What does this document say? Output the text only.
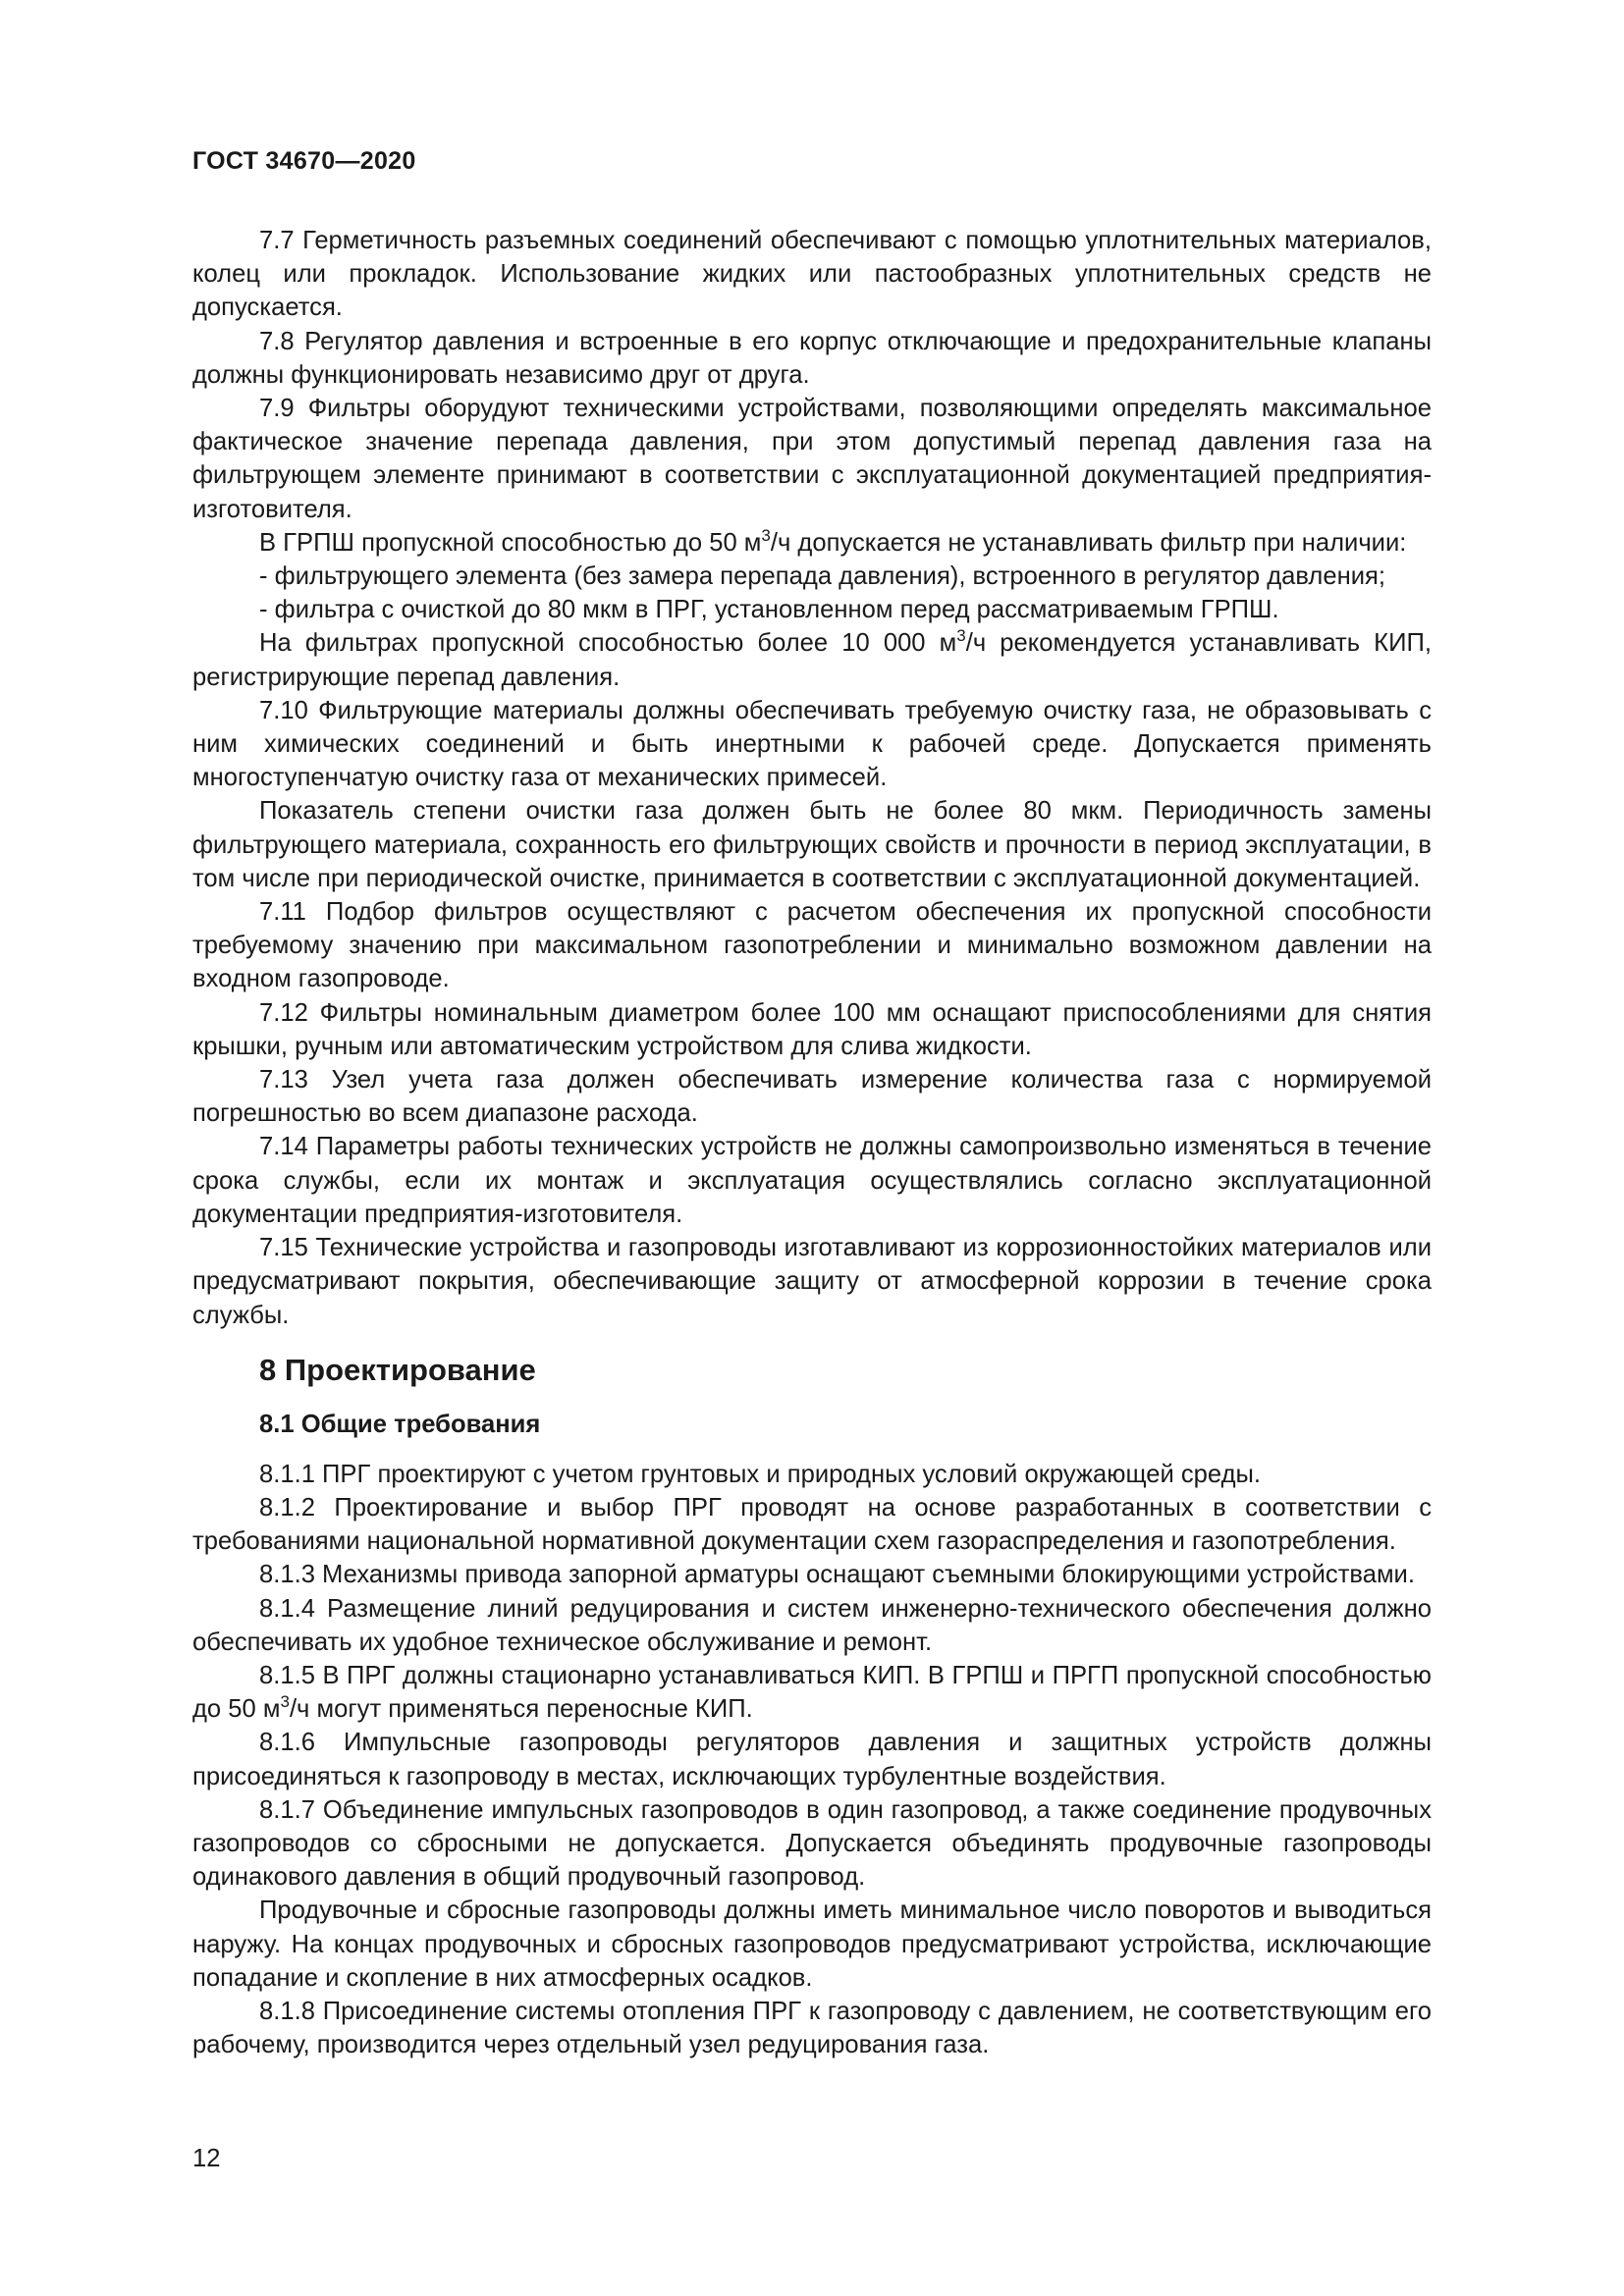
ГОСТ 34670—2020

7.7 Герметичность разъемных соединений обеспечивают с помощью уплотнительных материалов, колец или прокладок. Использование жидких или пастообразных уплотнительных средств не допускается.

7.8 Регулятор давления и встроенные в его корпус отключающие и предохранительные клапаны должны функционировать независимо друг от друга.

7.9 Фильтры оборудуют техническими устройствами, позволяющими определять максимальное фактическое значение перепада давления, при этом допустимый перепад давления газа на фильтрующем элементе принимают в соответствии с эксплуатационной документацией предприятия-изготовителя.

В ГРПШ пропускной способностью до 50 $м^3/ч$ допускается не устанавливать фильтр при наличии:

- фильтрующего элемента (без замера перепада давления), встроенного в регулятор давления;

- фильтра с очисткой до 80 мкм в ПРГ, установленном перед рассматриваемым ГРПШ.

На фильтрах пропускной способностью более 10 000 $м^3/ч$ рекомендуется устанавливать КИП, регистрирующие перепад давления.

7.10 Фильтрующие материалы должны обеспечивать требуемую очистку газа, не образовывать с ним химических соединений и быть инертными к рабочей среде. Допускается применять многоступенчатую очистку газа от механических примесей.

Показатель степени очистки газа должен быть не более 80 мкм. Периодичность замены фильтрующего материала, сохранность его фильтрующих свойств и прочности в период эксплуатации, в том числе при периодической очистке, принимается в соответствии с эксплуатационной документацией.

7.11 Подбор фильтров осуществляют с расчетом обеспечения их пропускной способности требуемому значению при максимальном газопотреблении и минимально возможном давлении на входном газопроводе.

7.12 Фильтры номинальным диаметром более 100 мм оснащают приспособлениями для снятия крышки, ручным или автоматическим устройством для слива жидкости.

7.13 Узел учета газа должен обеспечивать измерение количества газа с нормируемой погрешностью во всем диапазоне расхода.

7.14 Параметры работы технических устройств не должны самопроизвольно изменяться в течение срока службы, если их монтаж и эксплуатация осуществлялись согласно эксплуатационной документации предприятия-изготовителя.

7.15 Технические устройства и газопроводы изготавливают из коррозионностойких материалов или предусматривают покрытия, обеспечивающие защиту от атмосферной коррозии в течение срока службы.

8 Проектирование
8.1 Общие требования

8.1.1 ПРГ проектируют с учетом грунтовых и природных условий окружающей среды.

8.1.2 Проектирование и выбор ПРГ проводят на основе разработанных в соответствии с требованиями национальной нормативной документации схем газораспределения и газопотребления.

8.1.3 Механизмы привода запорной арматуры оснащают съемными блокирующими устройствами.

8.1.4 Размещение линий редуцирования и систем инженерно-технического обеспечения должно обеспечивать их удобное техническое обслуживание и ремонт.

8.1.5 В ПРГ должны стационарно устанавливаться КИП. В ГРПШ и ПРГП пропускной способностью до 50 $м^3/ч$ могут применяться переносные КИП.

8.1.6 Импульсные газопроводы регуляторов давления и защитных устройств должны присоединяться к газопроводу в местах, исключающих турбулентные воздействия.

8.1.7 Объединение импульсных газопроводов в один газопровод, а также соединение продувочных газопроводов со сбросными не допускается. Допускается объединять продувочные газопроводы одинакового давления в общий продувочный газопровод.

Продувочные и сбросные газопроводы должны иметь минимальное число поворотов и выводиться наружу. На концах продувочных и сбросных газопроводов предусматривают устройства, исключающие попадание и скопление в них атмосферных осадков.

8.1.8 Присоединение системы отопления ПРГ к газопроводу с давлением, не соответствующим его рабочему, производится через отдельный узел редуцирования газа.

12
